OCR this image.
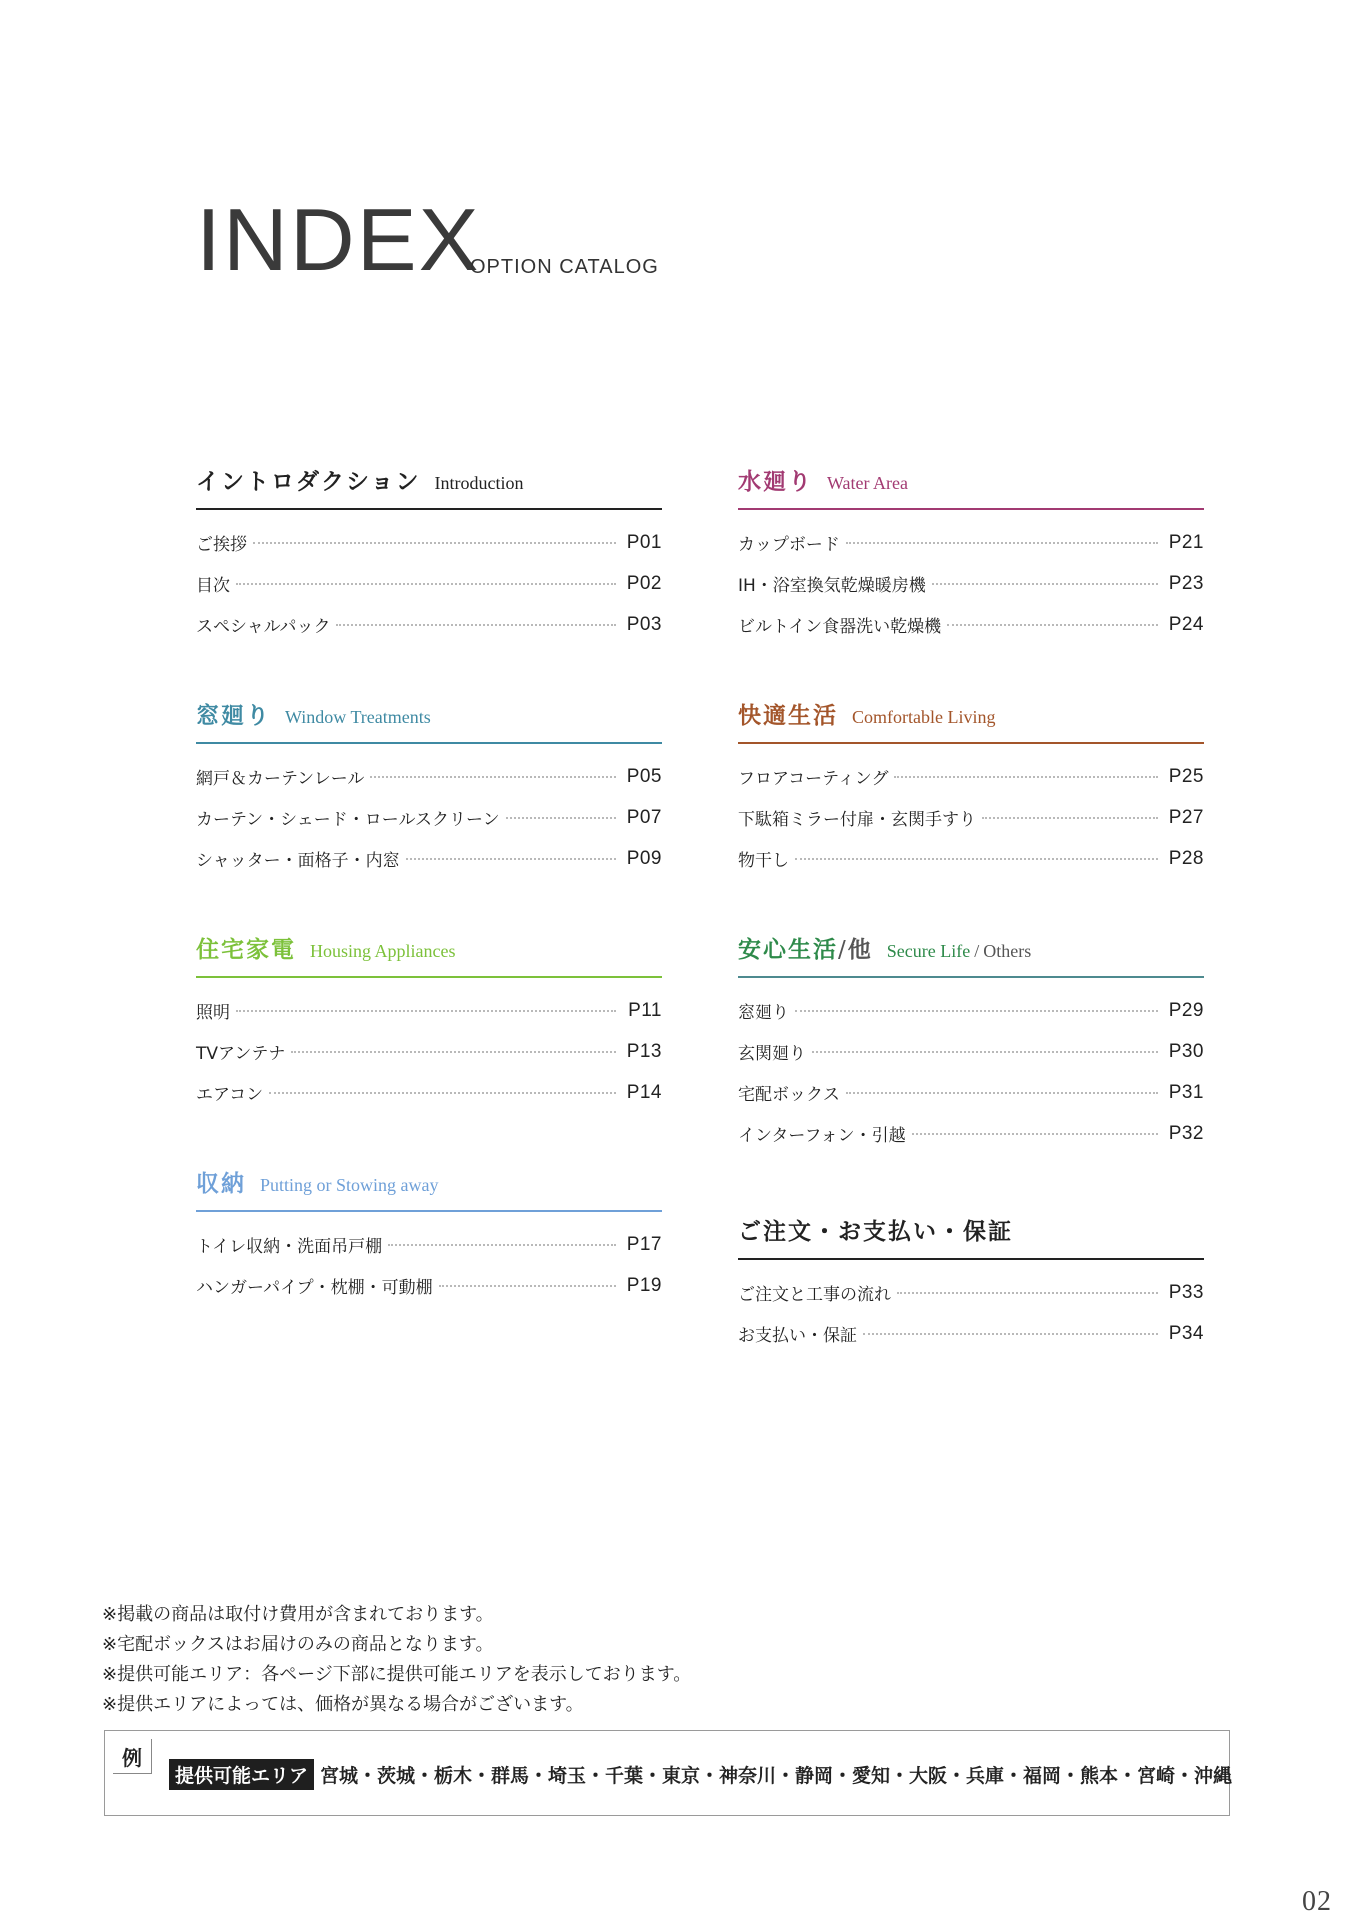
INDEX
OPTION CATALOG
イントロダクション Introduction
ご挨拶	P01
目次	P02
スペシャルパック	P03
水廻り Water Area
カップボード	P21
IH・浴室換気乾燥暖房機	P23
ビルトイン食器洗い乾燥機	P24
窓廻り Window Treatments
網戸＆カーテンレール	P05
カーテン・シェード・ロールスクリーン	P07
シャッター・面格子・内窓	P09
快適生活 Comfortable Living
フロアコーティング	P25
下駄箱ミラー付扉・玄関手すり	P27
物干し	P28
住宅家電 Housing Appliances
照明	P11
TVアンテナ	P13
エアコン	P14
安心生活/他 Secure Life / Others
窓廻り	P29
玄関廻り	P30
宅配ボックス	P31
インターフォン・引越	P32
収納 Putting or Stowing away
トイレ収納・洗面吊戸棚	P17
ハンガーパイプ・枕棚・可動棚	P19
ご注文・お支払い・保証
ご注文と工事の流れ	P33
お支払い・保証	P34
※掲載の商品は取付け費用が含まれております。
※宅配ボックスはお届けのみの商品となります。
※提供可能エリア：各ページ下部に提供可能エリアを表示しております。
※提供エリアによっては、価格が異なる場合がございます。
例
提供可能エリア 宮城・茨城・栃木・群馬・埼玉・千葉・東京・神奈川・静岡・愛知・大阪・兵庫・福岡・熊本・宮崎・沖縄
02
